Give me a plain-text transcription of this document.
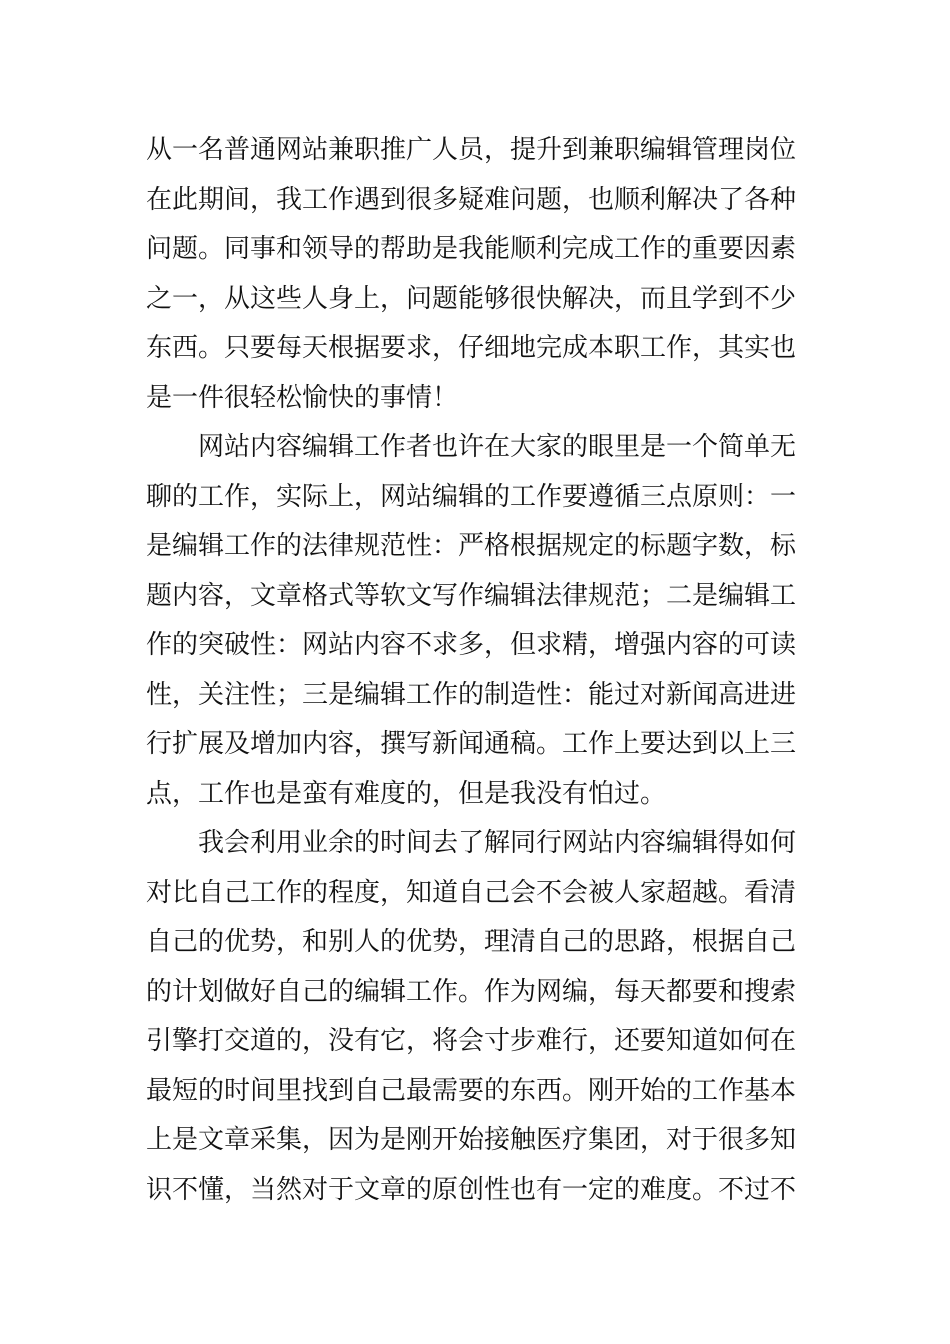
从一名普通网站兼职推广人员，提升到兼职编辑管理岗位
在此期间，我工作遇到很多疑难问题，也顺利解决了各种
问题。同事和领导的帮助是我能顺利完成工作的重要因素
之一，从这些人身上，问题能够很快解决，而且学到不少
东西。只要每天根据要求，仔细地完成本职工作，其实也
是一件很轻松愉快的事情！
网站内容编辑工作者也许在大家的眼里是一个简单无
聊的工作，实际上，网站编辑的工作要遵循三点原则：一
是编辑工作的法律规范性：严格根据规定的标题字数，标
题内容，文章格式等软文写作编辑法律规范；二是编辑工
作的突破性：网站内容不求多，但求精，增强内容的可读
性，关注性；三是编辑工作的制造性：能过对新闻高进进
行扩展及增加内容，撰写新闻通稿。工作上要达到以上三
点，工作也是蛮有难度的，但是我没有怕过。
我会利用业余的时间去了解同行网站内容编辑得如何
对比自己工作的程度，知道自己会不会被人家超越。看清
自己的优势，和别人的优势，理清自己的思路，根据自己
的计划做好自己的编辑工作。作为网编，每天都要和搜索
引擎打交道的，没有它，将会寸步难行，还要知道如何在
最短的时间里找到自己最需要的东西。刚开始的工作基本
上是文章采集，因为是刚开始接触医疗集团，对于很多知
识不懂，当然对于文章的原创性也有一定的难度。不过不
